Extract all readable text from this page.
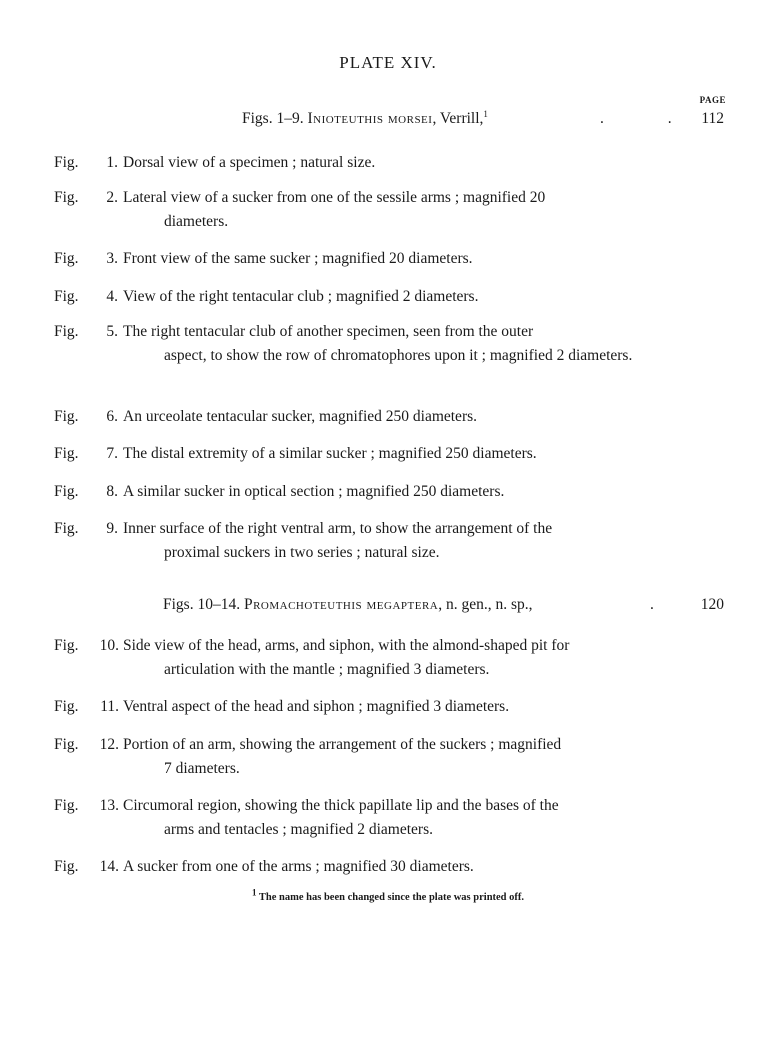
PLATE XIV.
PAGE
Figs. 1–9. Inioteuthis morsei, Verrill,$^1$	. . 112
Fig.	1. Dorsal view of a specimen ; natural size.
Fig.	2. Lateral view of a sucker from one of the sessile arms ; magnified 20
diameters.
Fig.	3. Front view of the same sucker ; magnified 20 diameters.
Fig.	4. View of the right tentacular club ; magnified 2 diameters.
Fig.	5. The right tentacular club of another specimen, seen from the outer
aspect, to show the row of chromatophores upon it ; magnified 2 diameters.
Fig.	6. An urceolate tentacular sucker, magnified 250 diameters.
Fig.	7. The distal extremity of a similar sucker ; magnified 250 diameters.
Fig.	8. A similar sucker in optical section ; magnified 250 diameters.
Fig.	9. Inner surface of the right ventral arm, to show the arrangement of the
proximal suckers in two series ; natural size.
Figs. 10–14. Promachoteuthis megaptera, n. gen., n. sp.,	. 120
Fig.	10. Side view of the head, arms, and siphon, with the almond-shaped pit for
articulation with the mantle ; magnified 3 diameters.
Fig.	11. Ventral aspect of the head and siphon ; magnified 3 diameters.
Fig.	12. Portion of an arm, showing the arrangement of the suckers ; magnified
7 diameters.
Fig.	13. Circumoral region, showing the thick papillate lip and the bases of the
arms and tentacles ; magnified 2 diameters.
Fig.	14. A sucker from one of the arms ; magnified 30 diameters.
$^1$ The name has been changed since the plate was printed off.
